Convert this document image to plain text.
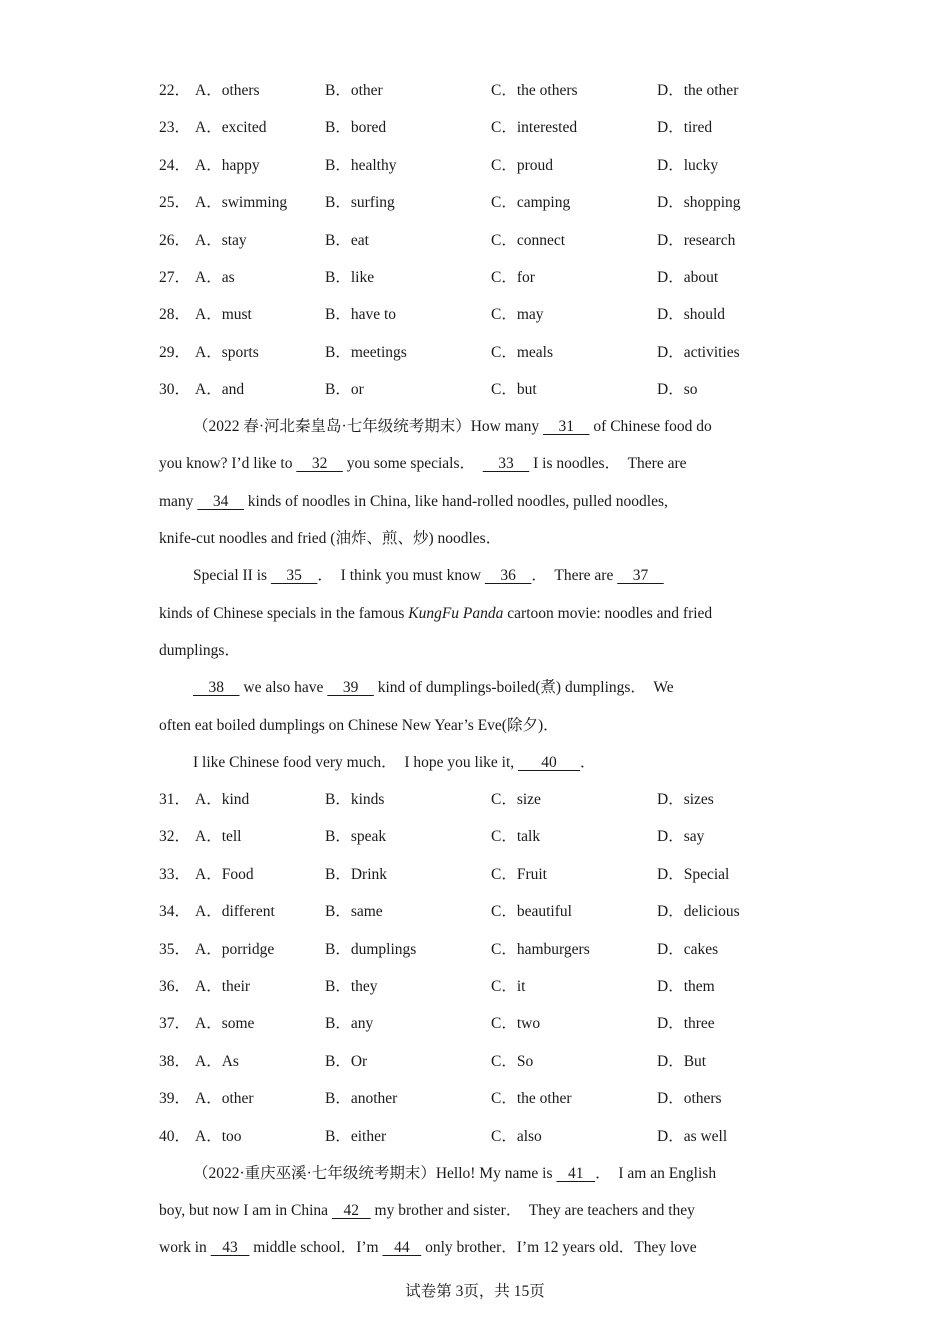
22． A．others	B．other	C．the others	D．the other
23． A．excited	B．bored	C．interested	D．tired
24． A．happy	B．healthy	C．proud	D．lucky
25． A．swimming B．surfing	C．camping	D．shopping
26． A．stay	B．eat	C．connect	D．research
27． A．as	B．like	C．for	D．about
28． A．must	B．have to	C．may	D．should
29． A．sports	B．meetings	C．meals	D．activities
30． A．and	B．or	C．but	D．so
（2022 春·河北秦皇岛·七年级统考期末）How many     31     of Chinese food do
you know? I’d like to     32     you some specials．      33     I is noodles．  There are
many     34     kinds of noodles in China, like hand-rolled noodles, pulled noodles,
knife-cut noodles and fried (油炸、煎、炒) noodles．
Special II is     35    ．  I think you must know     36    ．  There are     37
kinds of Chinese specials in the famous KungFu Panda cartoon movie: noodles and fried
dumplings．
38     we also have     39     kind of dumplings-boiled(煮) dumplings．  We
often eat boiled dumplings on Chinese New Year’s Eve(除夕)．
I like Chinese food very much．  I hope you like it,       40      ．
31． A．kind	B．kinds	C．size	D．sizes
32． A．tell	B．speak	C．talk	D．say
33． A．Food	B．Drink	C．Fruit	D．Special
34． A．different	B．same	C．beautiful	D．delicious
35． A．porridge	B．dumplings	C．hamburgers	D．cakes
36． A．their	B．they	C．it	D．them
37． A．some	B．any	C．two	D．three
38． A．As	B．Or	C．So	D．But
39． A．other	B．another	C．the other	D．others
40． A．too	B．either	C．also	D．as well
（2022·重庆巫溪·七年级统考期末）Hello! My name is    41   ．  I am an English
boy, but now I am in China    42    my brother and sister．  They are teachers and they
work in    43    middle school．I’m    44    only brother．I’m 12 years old．They love
试卷第 3页，共 15页
